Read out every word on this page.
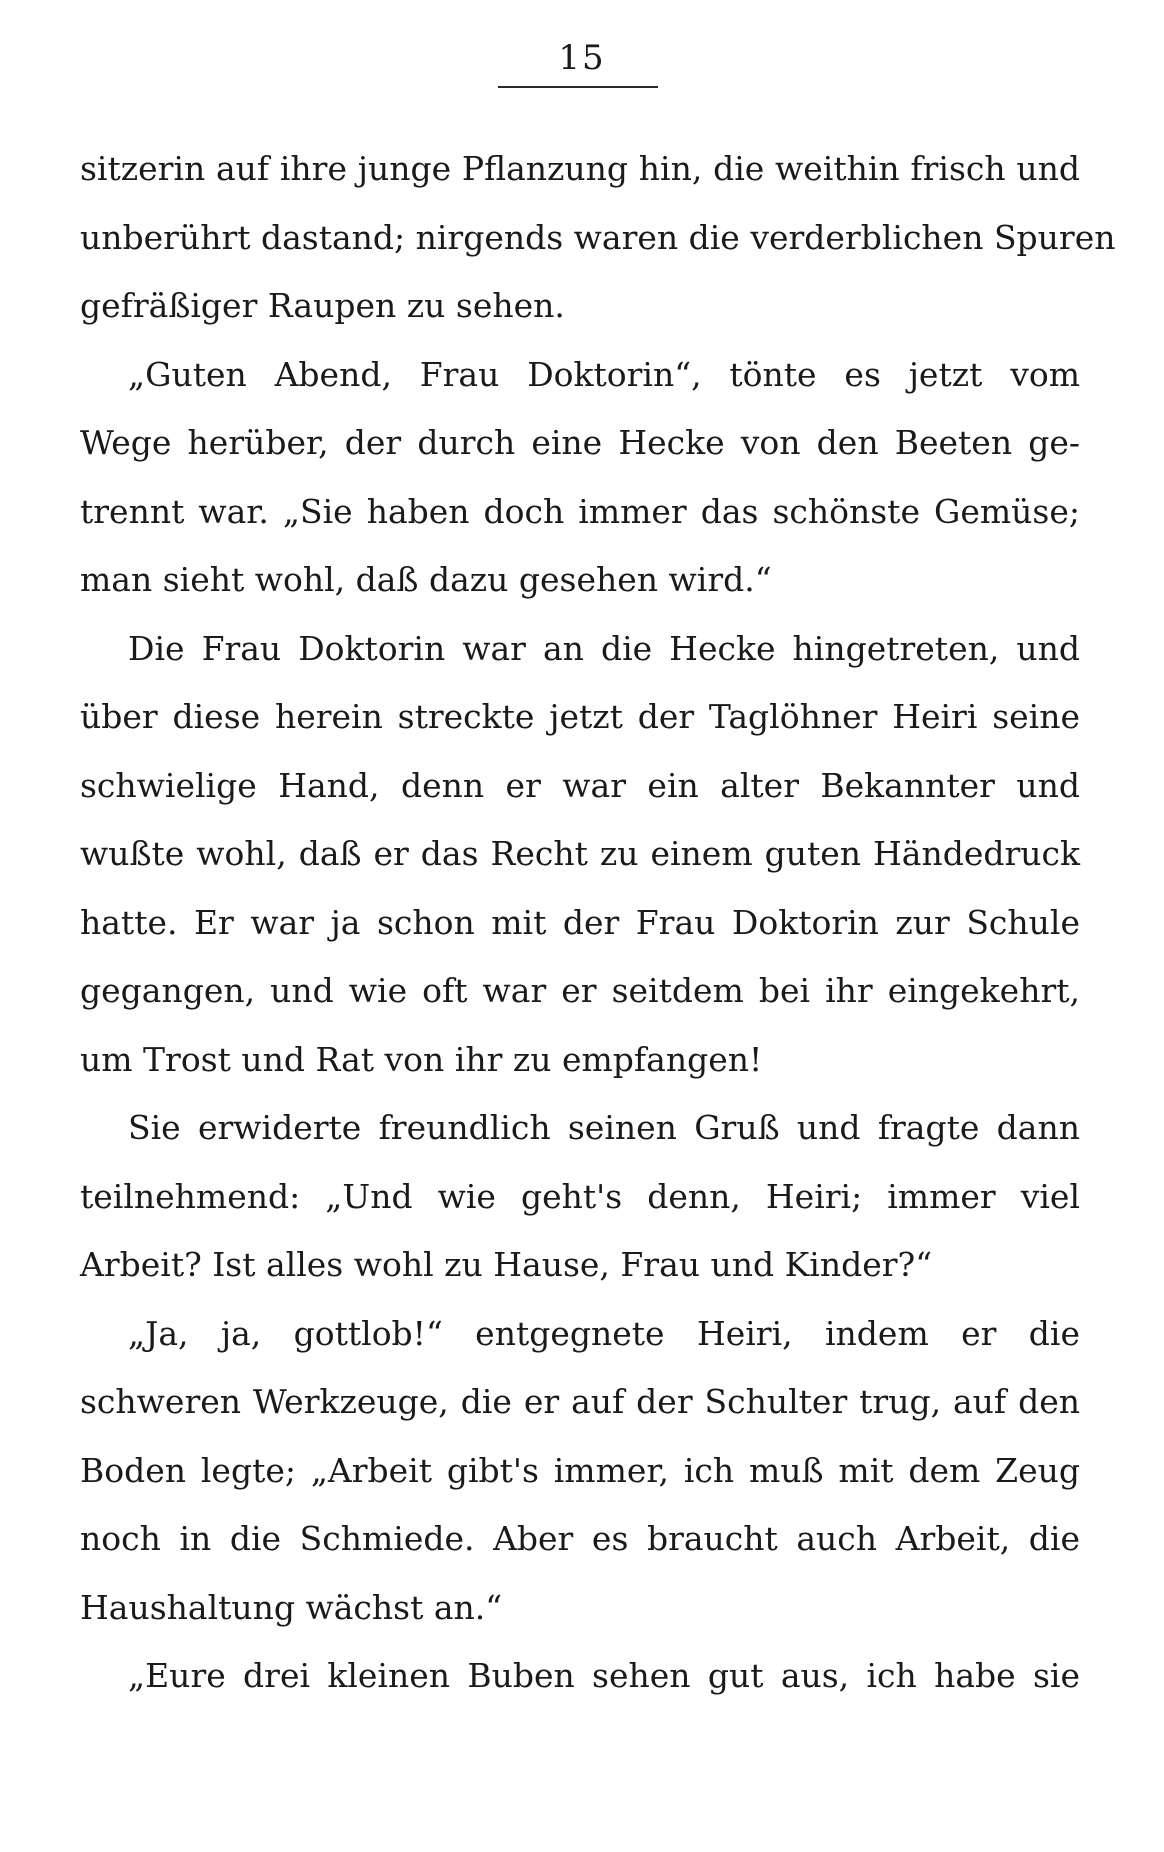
15
sitzerin auf ihre junge Pflanzung hin, die weithin frisch und
unberührt dastand; nirgends waren die verderblichen Spuren
gefräßiger Raupen zu sehen.
„Guten Abend, Frau Doktorin“, tönte es jetzt vom
Wege herüber, der durch eine Hecke von den Beeten ge-
trennt war. „Sie haben doch immer das schönste Gemüse;
man sieht wohl, daß dazu gesehen wird.“
Die Frau Doktorin war an die Hecke hingetreten, und
über diese herein streckte jetzt der Taglöhner Heiri seine
schwielige Hand, denn er war ein alter Bekannter und
wußte wohl, daß er das Recht zu einem guten Händedruck
hatte. Er war ja schon mit der Frau Doktorin zur Schule
gegangen, und wie oft war er seitdem bei ihr eingekehrt,
um Trost und Rat von ihr zu empfangen!
Sie erwiderte freundlich seinen Gruß und fragte dann
teilnehmend: „Und wie geht's denn, Heiri; immer viel
Arbeit? Ist alles wohl zu Hause, Frau und Kinder?“
„Ja, ja, gottlob!“ entgegnete Heiri, indem er die
schweren Werkzeuge, die er auf der Schulter trug, auf den
Boden legte; „Arbeit gibt's immer, ich muß mit dem Zeug
noch in die Schmiede. Aber es braucht auch Arbeit, die
Haushaltung wächst an.“
„Eure drei kleinen Buben sehen gut aus, ich habe sie
